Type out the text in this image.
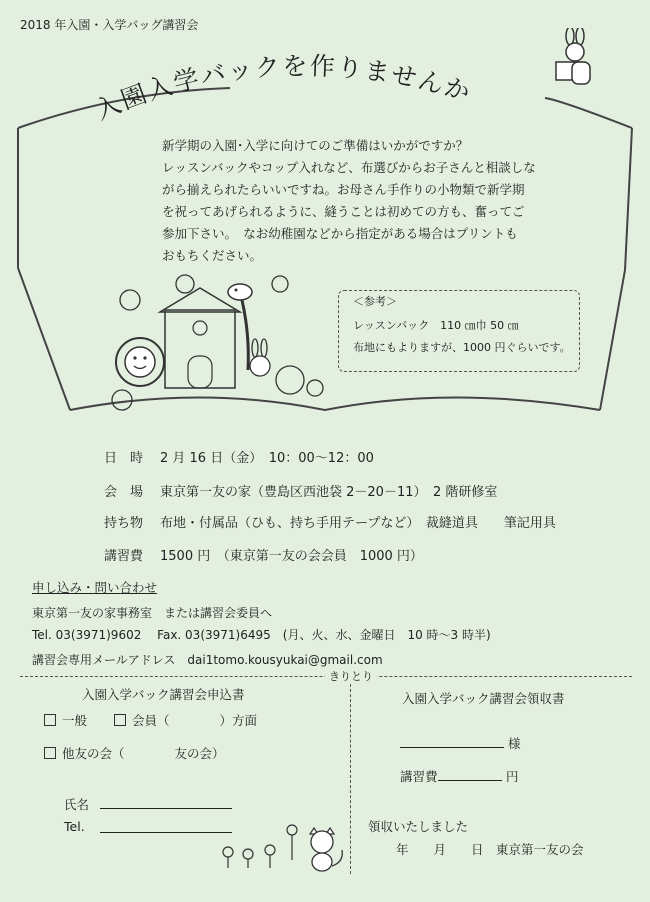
2018 年入園・入学バッグ講習会
入園入学バックを作りませんか
新学期の入園･入学に向けてのご準備はいかがですか？
レッスンバックやコップ入れなど、布選びからお子さんと相談しな
がら揃えられたらいいですね。お母さん手作りの小物類で新学期
を祝ってあげられるように、縫うことは初めての方も、奮ってご
参加下さい。　なお幼稚園などから指定がある場合はプリントも
おもちください。
＜参考＞
レッスンバック　110 ㎝巾 50 ㎝
布地にもよりますが、1000 円ぐらいです。
日　時 2 月 16 日（金）　10：00～12：00
会　場 東京第一友の家（豊島区西池袋 2－20－11）　2 階研修室
持ち物 布地・付属品（ひも、持ち手用テープなど）　裁縫道具　　筆記用具
講習費 1500 円　（東京第一友の会会員　1000 円）
申し込み・問い合わせ
東京第一友の家事務室　または講習会委員へ
Tel. 03(3971)9602　 Fax. 03(3971)6495　(月、火、水、金曜日　10 時～3 時半)
講習会専用メールアドレス　dai1tomo.kousyukai@gmail.com
きりとり
入園入学バック講習会申込書
一般	会員（　　　　）方面
他友の会（　　　　友の会）
氏名
Tel.
入園入学バック講習会領収書
様
講習費	円
領収いたしました
年　　月　　日　東京第一友の会
